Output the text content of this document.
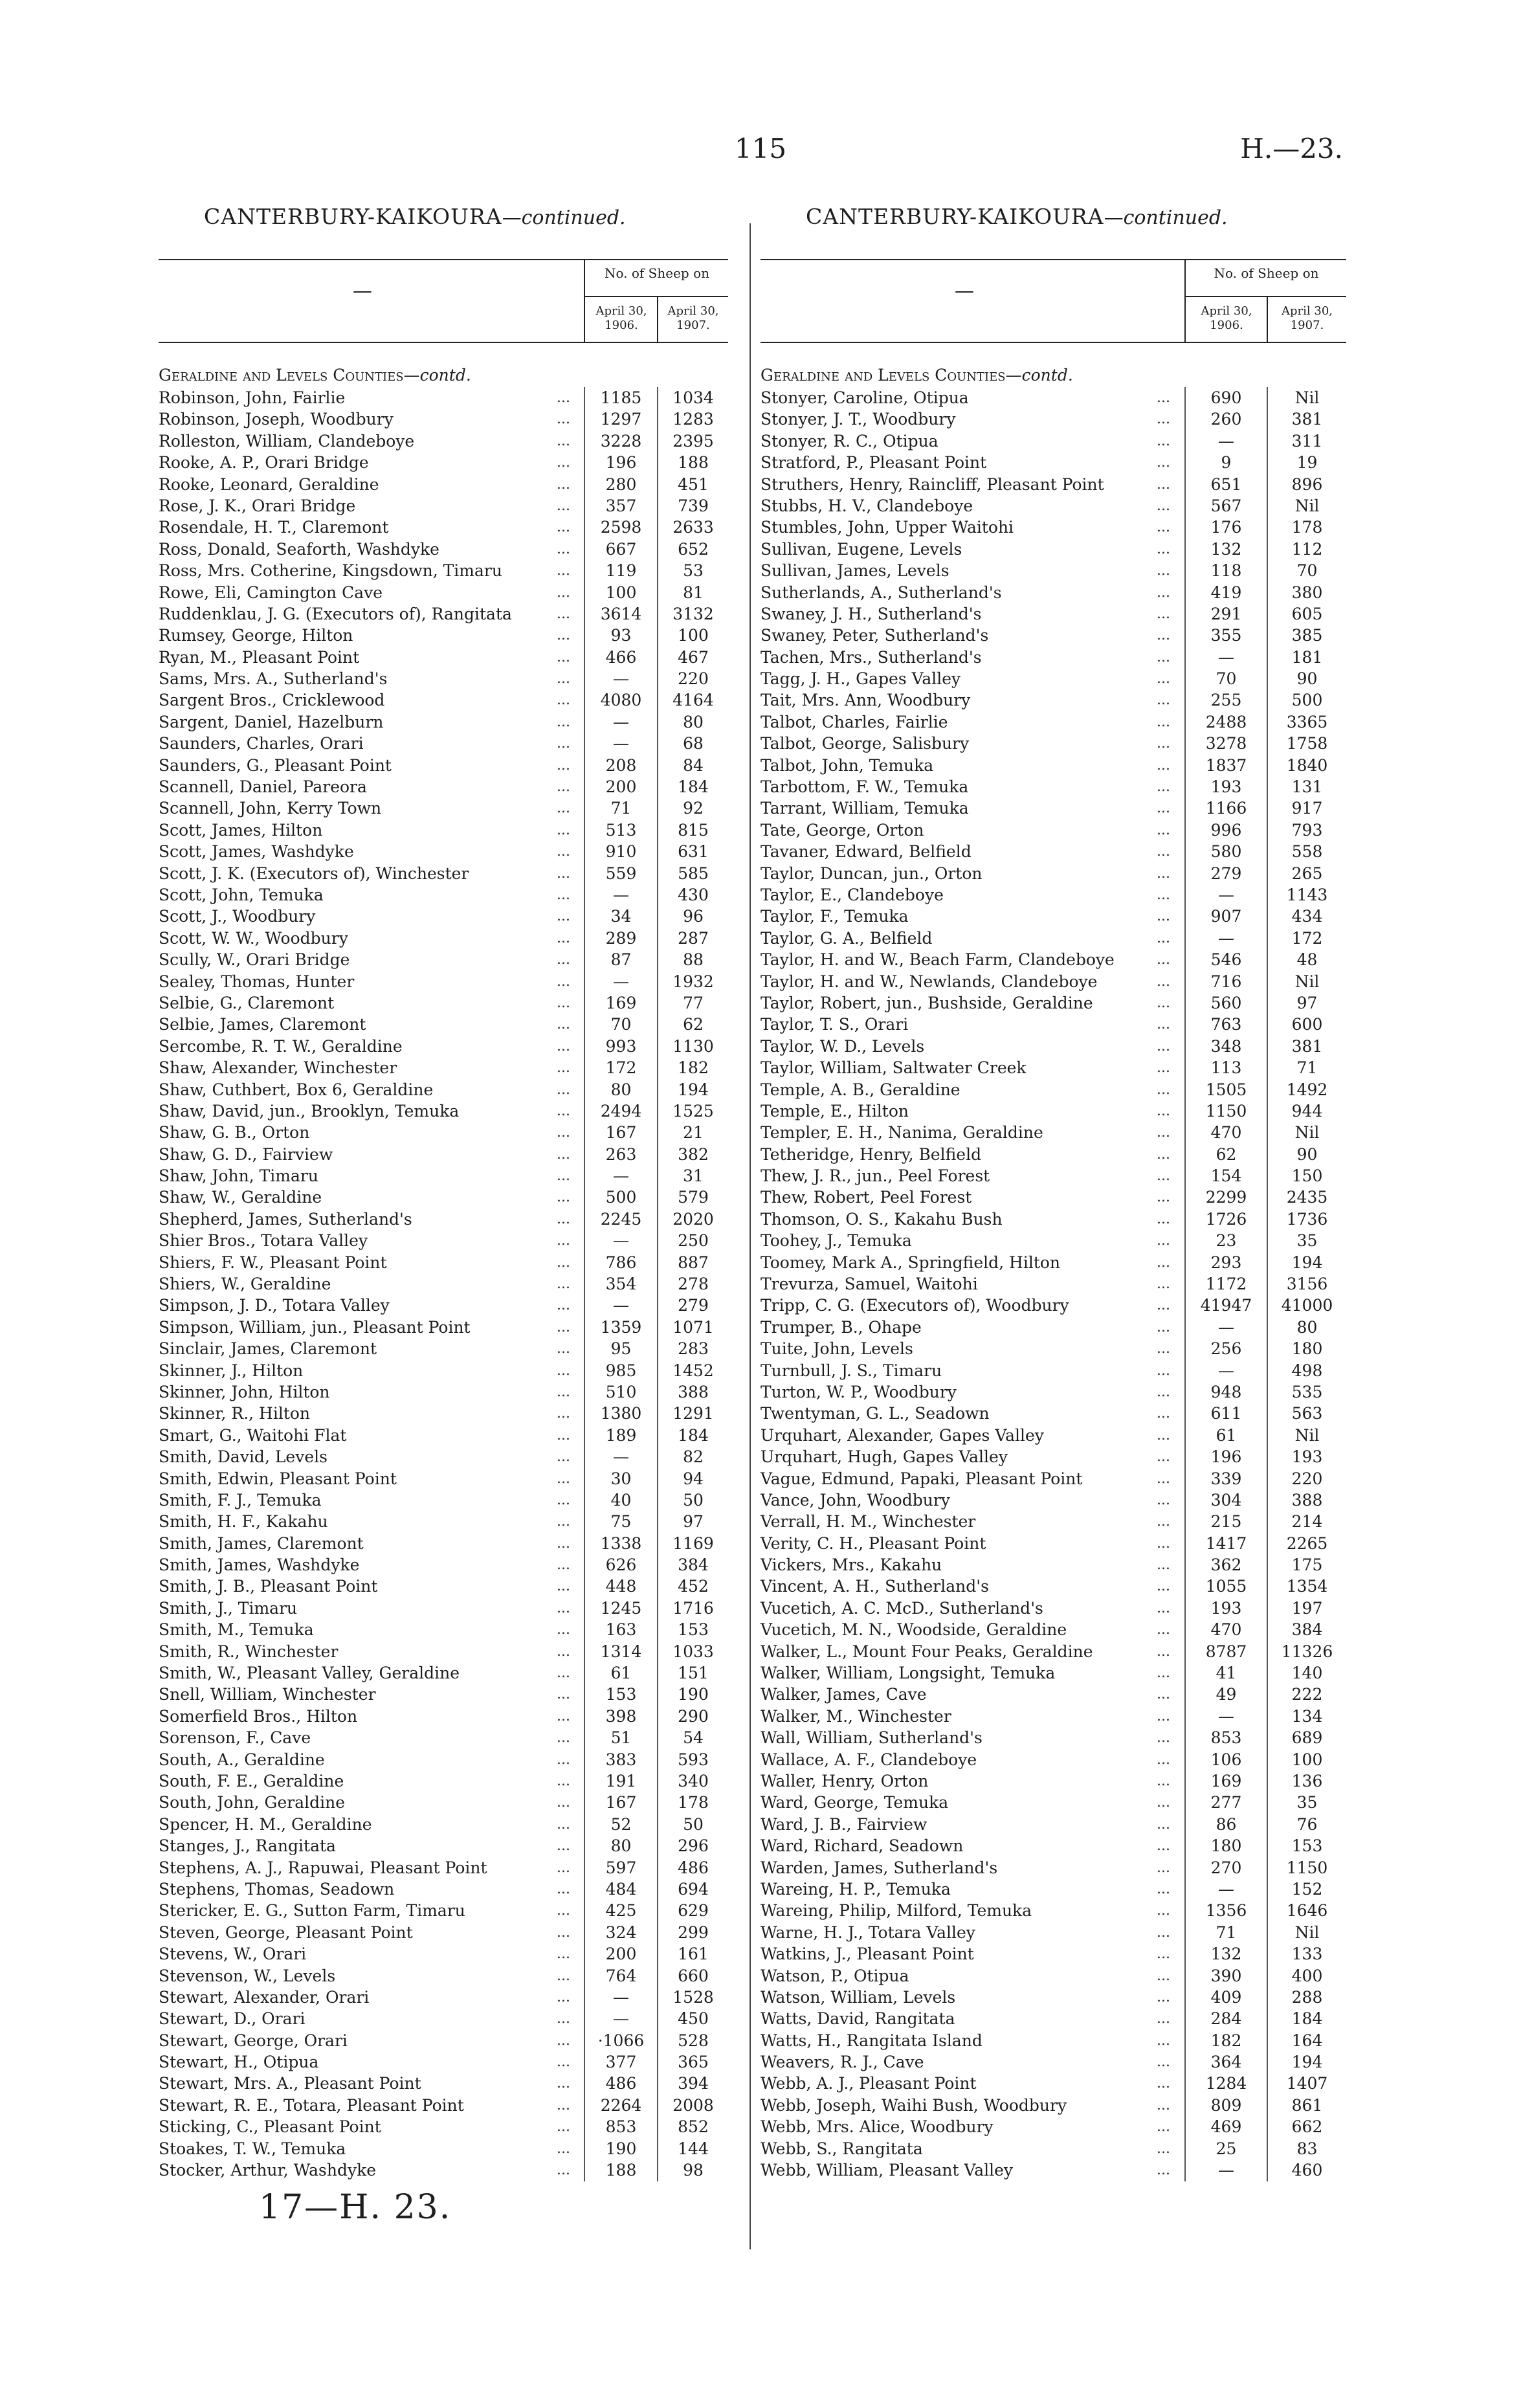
115	H.—23.
CANTERBURY-KAIKOURA—continued.	CANTERBURY-KAIKOURA—continued.
—
No. of Sheep on
April 30,
1906.
April 30,
1907.
—
No. of Sheep on
April 30,
1906.
April 30,
1907.
Geraldine and Levels Counties—contd.	Geraldine and Levels Counties—contd.
Robinson, John, Fairlie	...	1185	1034
Robinson, Joseph, Woodbury	...	1297	1283
Rolleston, William, Clandeboye	...	3228	2395
Rooke, A. P., Orari Bridge	...	196	188
Rooke, Leonard, Geraldine	...	280	451
Rose, J. K., Orari Bridge	...	357	739
Rosendale, H. T., Claremont	...	2598	2633
Ross, Donald, Seaforth, Washdyke	...	667	652
Ross, Mrs. Cotherine, Kingsdown, Timaru	...	119	53
Rowe, Eli, Camington Cave	...	100	81
Ruddenklau, J. G. (Executors of), Rangitata	...	3614	3132
Rumsey, George, Hilton	...	93	100
Ryan, M., Pleasant Point	...	466	467
Sams, Mrs. A., Sutherland's	...	—	220
Sargent Bros., Cricklewood	...	4080	4164
Sargent, Daniel, Hazelburn	...	—	80
Saunders, Charles, Orari	...	—	68
Saunders, G., Pleasant Point	...	208	84
Scannell, Daniel, Pareora	...	200	184
Scannell, John, Kerry Town	...	71	92
Scott, James, Hilton	...	513	815
Scott, James, Washdyke	...	910	631
Scott, J. K. (Executors of), Winchester	...	559	585
Scott, John, Temuka	...	—	430
Scott, J., Woodbury	...	34	96
Scott, W. W., Woodbury	...	289	287
Scully, W., Orari Bridge	...	87	88
Sealey, Thomas, Hunter	...	—	1932
Selbie, G., Claremont	...	169	77
Selbie, James, Claremont	...	70	62
Sercombe, R. T. W., Geraldine	...	993	1130
Shaw, Alexander, Winchester	...	172	182
Shaw, Cuthbert, Box 6, Geraldine	...	80	194
Shaw, David, jun., Brooklyn, Temuka	...	2494	1525
Shaw, G. B., Orton	...	167	21
Shaw, G. D., Fairview	...	263	382
Shaw, John, Timaru	...	—	31
Shaw, W., Geraldine	...	500	579
Shepherd, James, Sutherland's	...	2245	2020
Shier Bros., Totara Valley	...	—	250
Shiers, F. W., Pleasant Point	...	786	887
Shiers, W., Geraldine	...	354	278
Simpson, J. D., Totara Valley	...	—	279
Simpson, William, jun., Pleasant Point	...	1359	1071
Sinclair, James, Claremont	...	95	283
Skinner, J., Hilton	...	985	1452
Skinner, John, Hilton	...	510	388
Skinner, R., Hilton	...	1380	1291
Smart, G., Waitohi Flat	...	189	184
Smith, David, Levels	...	—	82
Smith, Edwin, Pleasant Point	...	30	94
Smith, F. J., Temuka	...	40	50
Smith, H. F., Kakahu	...	75	97
Smith, James, Claremont	...	1338	1169
Smith, James, Washdyke	...	626	384
Smith, J. B., Pleasant Point	...	448	452
Smith, J., Timaru	...	1245	1716
Smith, M., Temuka	...	163	153
Smith, R., Winchester	...	1314	1033
Smith, W., Pleasant Valley, Geraldine	...	61	151
Snell, William, Winchester	...	153	190
Somerfield Bros., Hilton	...	398	290
Sorenson, F., Cave	...	51	54
South, A., Geraldine	...	383	593
South, F. E., Geraldine	...	191	340
South, John, Geraldine	...	167	178
Spencer, H. M., Geraldine	...	52	50
Stanges, J., Rangitata	...	80	296
Stephens, A. J., Rapuwai, Pleasant Point	...	597	486
Stephens, Thomas, Seadown	...	484	694
Stericker, E. G., Sutton Farm, Timaru	...	425	629
Steven, George, Pleasant Point	...	324	299
Stevens, W., Orari	...	200	161
Stevenson, W., Levels	...	764	660
Stewart, Alexander, Orari	...	—	1528
Stewart, D., Orari	...	—	450
Stewart, George, Orari	...	·1066	528
Stewart, H., Otipua	...	377	365
Stewart, Mrs. A., Pleasant Point	...	486	394
Stewart, R. E., Totara, Pleasant Point	...	2264	2008
Sticking, C., Pleasant Point	...	853	852
Stoakes, T. W., Temuka	...	190	144
Stocker, Arthur, Washdyke	...	188	98
Stonyer, Caroline, Otipua	...	690	Nil
Stonyer, J. T., Woodbury	...	260	381
Stonyer, R. C., Otipua	...	—	311
Stratford, P., Pleasant Point	...	9	19
Struthers, Henry, Raincliff, Pleasant Point	...	651	896
Stubbs, H. V., Clandeboye	...	567	Nil
Stumbles, John, Upper Waitohi	...	176	178
Sullivan, Eugene, Levels	...	132	112
Sullivan, James, Levels	...	118	70
Sutherlands, A., Sutherland's	...	419	380
Swaney, J. H., Sutherland's	...	291	605
Swaney, Peter, Sutherland's	...	355	385
Tachen, Mrs., Sutherland's	...	—	181
Tagg, J. H., Gapes Valley	...	70	90
Tait, Mrs. Ann, Woodbury	...	255	500
Talbot, Charles, Fairlie	...	2488	3365
Talbot, George, Salisbury	...	3278	1758
Talbot, John, Temuka	...	1837	1840
Tarbottom, F. W., Temuka	...	193	131
Tarrant, William, Temuka	...	1166	917
Tate, George, Orton	...	996	793
Tavaner, Edward, Belfield	...	580	558
Taylor, Duncan, jun., Orton	...	279	265
Taylor, E., Clandeboye	...	—	1143
Taylor, F., Temuka	...	907	434
Taylor, G. A., Belfield	...	—	172
Taylor, H. and W., Beach Farm, Clandeboye	...	546	48
Taylor, H. and W., Newlands, Clandeboye	...	716	Nil
Taylor, Robert, jun., Bushside, Geraldine	...	560	97
Taylor, T. S., Orari	...	763	600
Taylor, W. D., Levels	...	348	381
Taylor, William, Saltwater Creek	...	113	71
Temple, A. B., Geraldine	...	1505	1492
Temple, E., Hilton	...	1150	944
Templer, E. H., Nanima, Geraldine	...	470	Nil
Tetheridge, Henry, Belfield	...	62	90
Thew, J. R., jun., Peel Forest	...	154	150
Thew, Robert, Peel Forest	...	2299	2435
Thomson, O. S., Kakahu Bush	...	1726	1736
Toohey, J., Temuka	...	23	35
Toomey, Mark A., Springfield, Hilton	...	293	194
Trevurza, Samuel, Waitohi	...	1172	3156
Tripp, C. G. (Executors of), Woodbury	...	41947	41000
Trumper, B., Ohape	...	—	80
Tuite, John, Levels	...	256	180
Turnbull, J. S., Timaru	...	—	498
Turton, W. P., Woodbury	...	948	535
Twentyman, G. L., Seadown	...	611	563
Urquhart, Alexander, Gapes Valley	...	61	Nil
Urquhart, Hugh, Gapes Valley	...	196	193
Vague, Edmund, Papaki, Pleasant Point	...	339	220
Vance, John, Woodbury	...	304	388
Verrall, H. M., Winchester	...	215	214
Verity, C. H., Pleasant Point	...	1417	2265
Vickers, Mrs., Kakahu	...	362	175
Vincent, A. H., Sutherland's	...	1055	1354
Vucetich, A. C. McD., Sutherland's	...	193	197
Vucetich, M. N., Woodside, Geraldine	...	470	384
Walker, L., Mount Four Peaks, Geraldine	...	8787	11326
Walker, William, Longsight, Temuka	...	41	140
Walker, James, Cave	...	49	222
Walker, M., Winchester	...	—	134
Wall, William, Sutherland's	...	853	689
Wallace, A. F., Clandeboye	...	106	100
Waller, Henry, Orton	...	169	136
Ward, George, Temuka	...	277	35
Ward, J. B., Fairview	...	86	76
Ward, Richard, Seadown	...	180	153
Warden, James, Sutherland's	...	270	1150
Wareing, H. P., Temuka	...	—	152
Wareing, Philip, Milford, Temuka	...	1356	1646
Warne, H. J., Totara Valley	...	71	Nil
Watkins, J., Pleasant Point	...	132	133
Watson, P., Otipua	...	390	400
Watson, William, Levels	...	409	288
Watts, David, Rangitata	...	284	184
Watts, H., Rangitata Island	...	182	164
Weavers, R. J., Cave	...	364	194
Webb, A. J., Pleasant Point	...	1284	1407
Webb, Joseph, Waihi Bush, Woodbury	...	809	861
Webb, Mrs. Alice, Woodbury	...	469	662
Webb, S., Rangitata	...	25	83
Webb, William, Pleasant Valley	...	—	460
17—H. 23.
